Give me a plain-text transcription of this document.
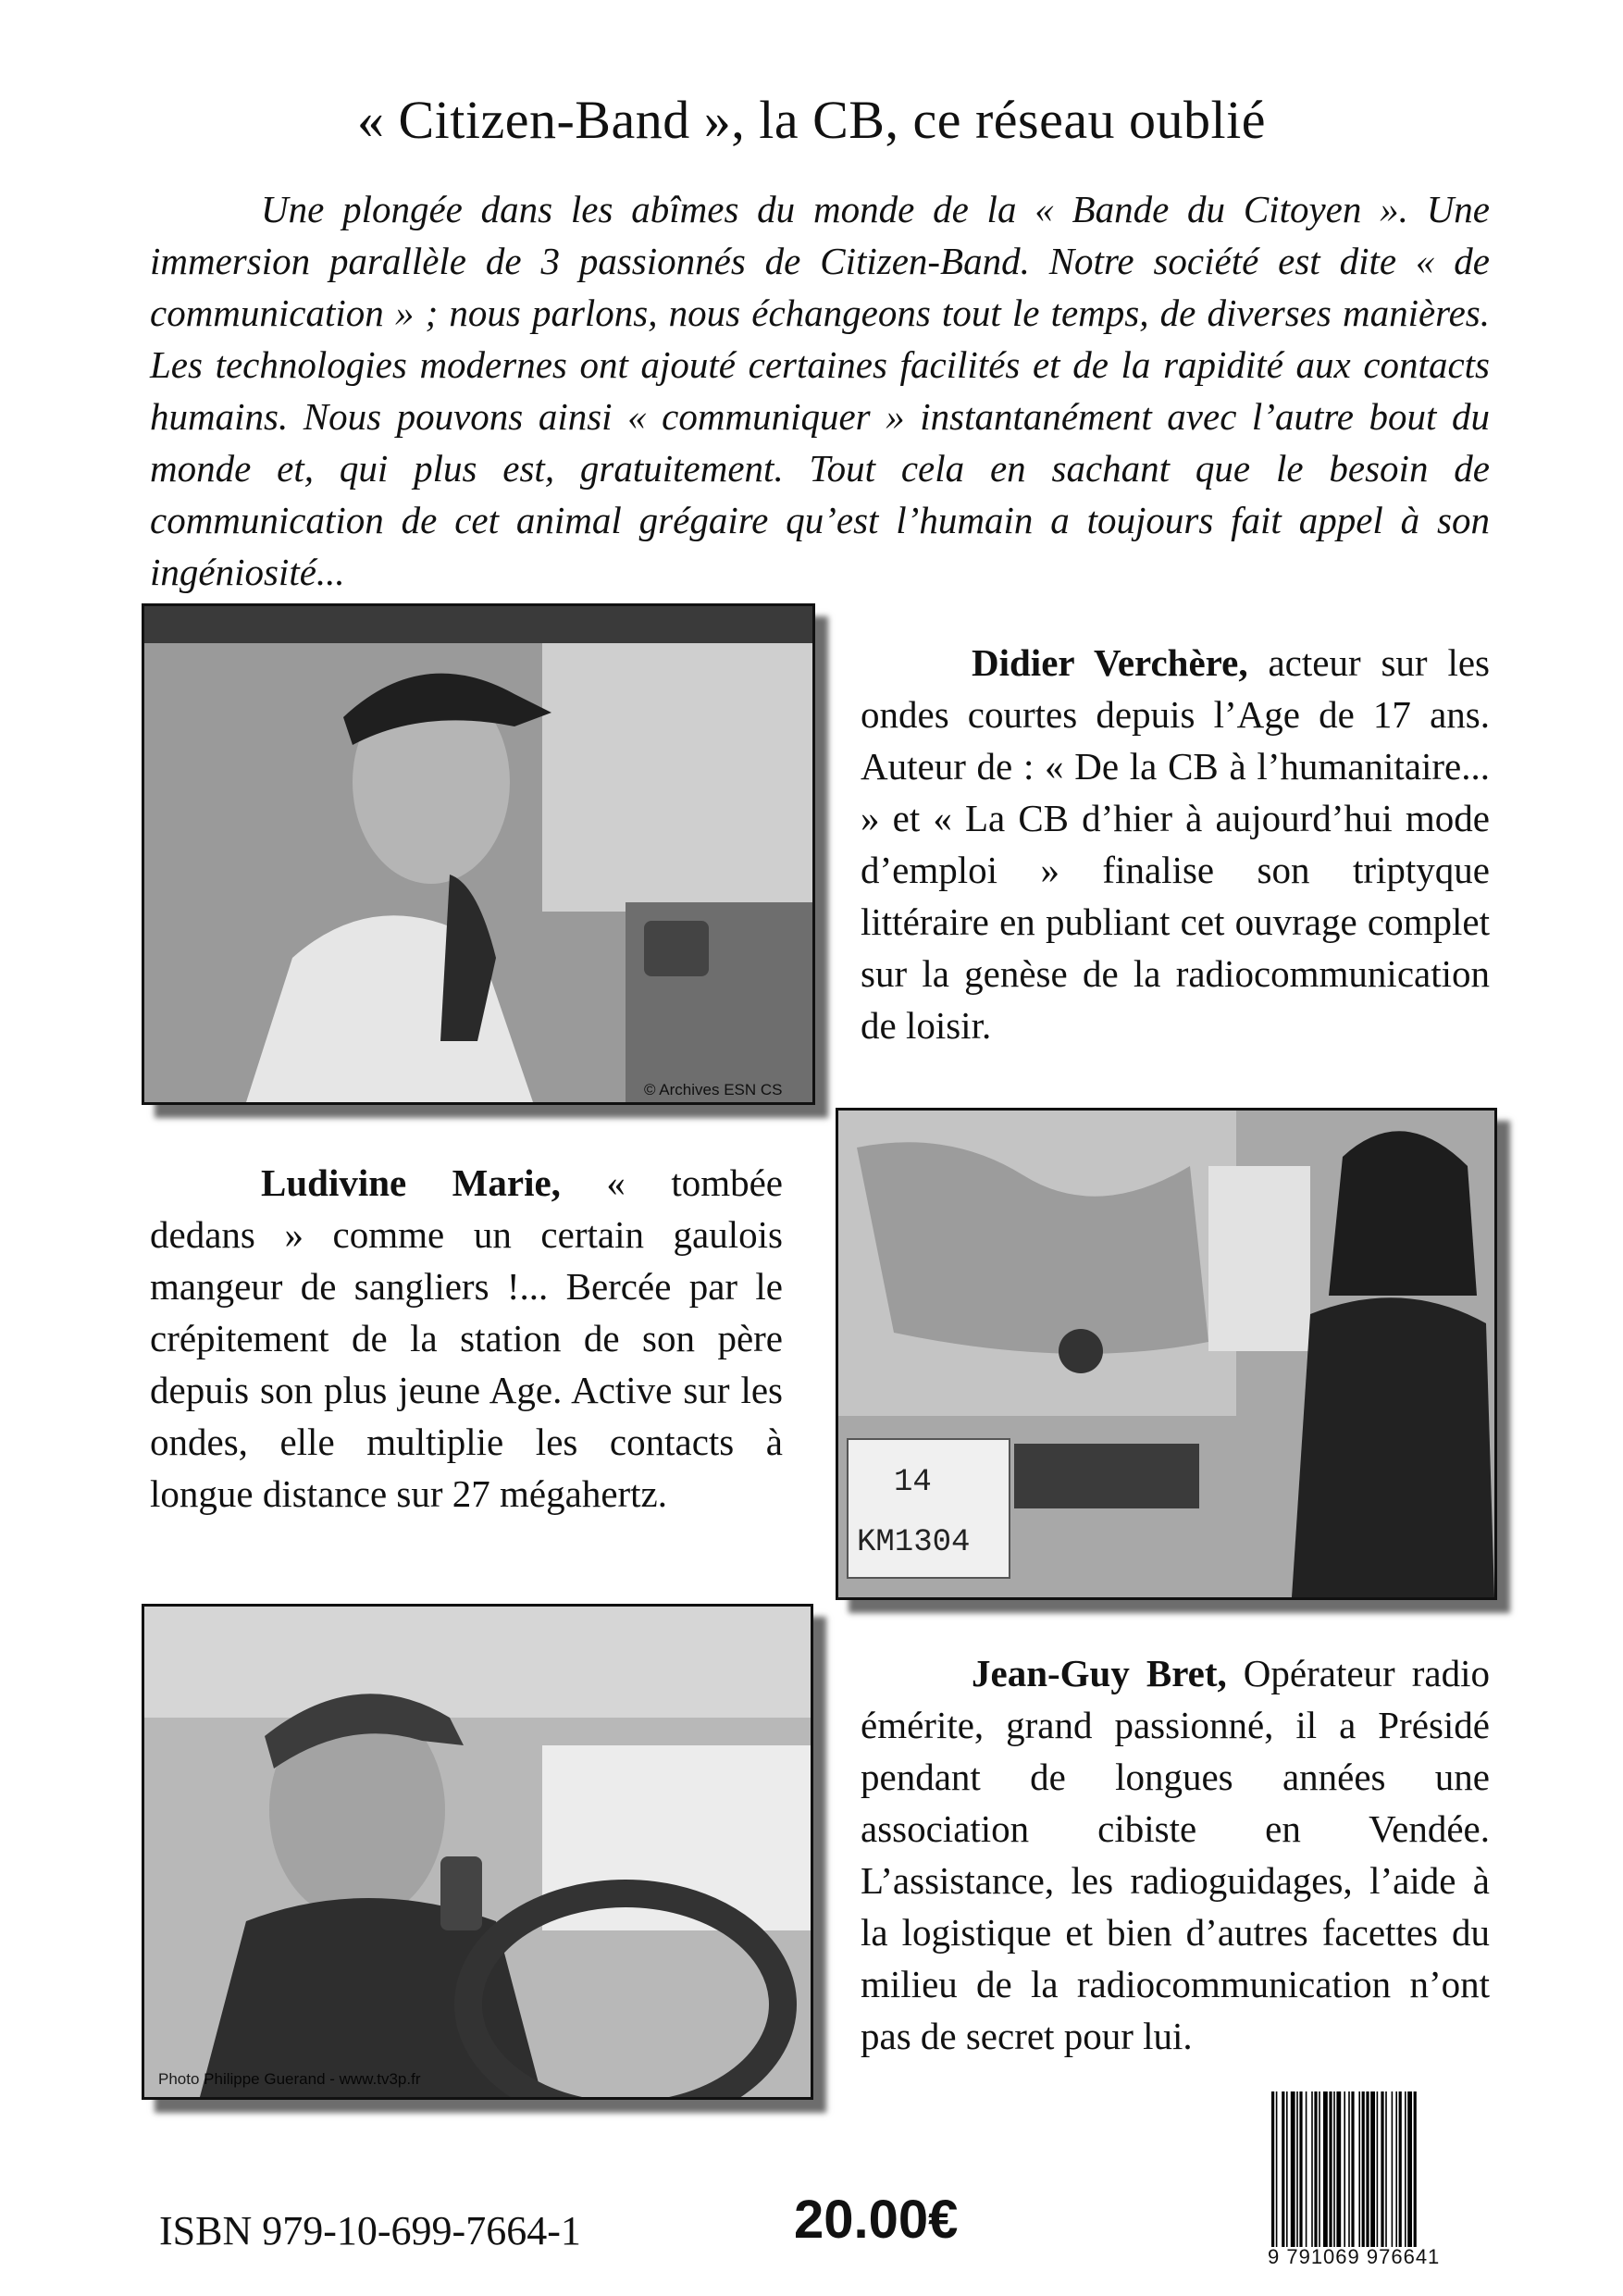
« Citizen-Band », la CB, ce réseau oublié

Une plongée dans les abîmes du monde de la « Bande du Citoyen ». Une immersion parallèle de 3 passionnés de Citizen-Band. Notre société est dite « de communication » ; nous parlons, nous échangeons tout le temps, de diverses manières. Les technologies modernes ont ajouté certaines facilités et de la rapidité aux contacts humains. Nous pouvons ainsi « communiquer » instantanément avec l’autre bout du monde et, qui plus est, gratuitement. Tout cela en sachant que le besoin de communication de cet animal grégaire qu’est l’humain a toujours fait appel à son ingéniosité...

© Archives ESN CS

Didier Verchère, acteur sur les ondes courtes depuis l’Age de 17 ans. Auteur de : « De la CB à l’humanitaire... » et « La CB d’hier à aujourd’hui mode d’emploi » finalise son triptyque littéraire en publiant cet ouvrage complet sur la genèse de la radiocommunication de loisir.

14
KM1304

Ludivine Marie, « tombée dedans » comme un certain gaulois mangeur de sangliers !... Bercée par le crépitement de la station de son père depuis son plus jeune Age. Active sur les ondes, elle multiplie les contacts à longue distance sur 27 mégahertz.

Photo Philippe Guerand - www.tv3p.fr

Jean-Guy Bret, Opérateur radio émérite, grand passionné, il a Présidé pendant de longues années une association cibiste en Vendée. L’assistance, les radioguidages, l’aide à la logistique et bien d’autres facettes du milieu de la radiocommunication n’ont pas de secret pour lui.

ISBN 979-10-699-7664-1	20.00€
9 791069 976641
